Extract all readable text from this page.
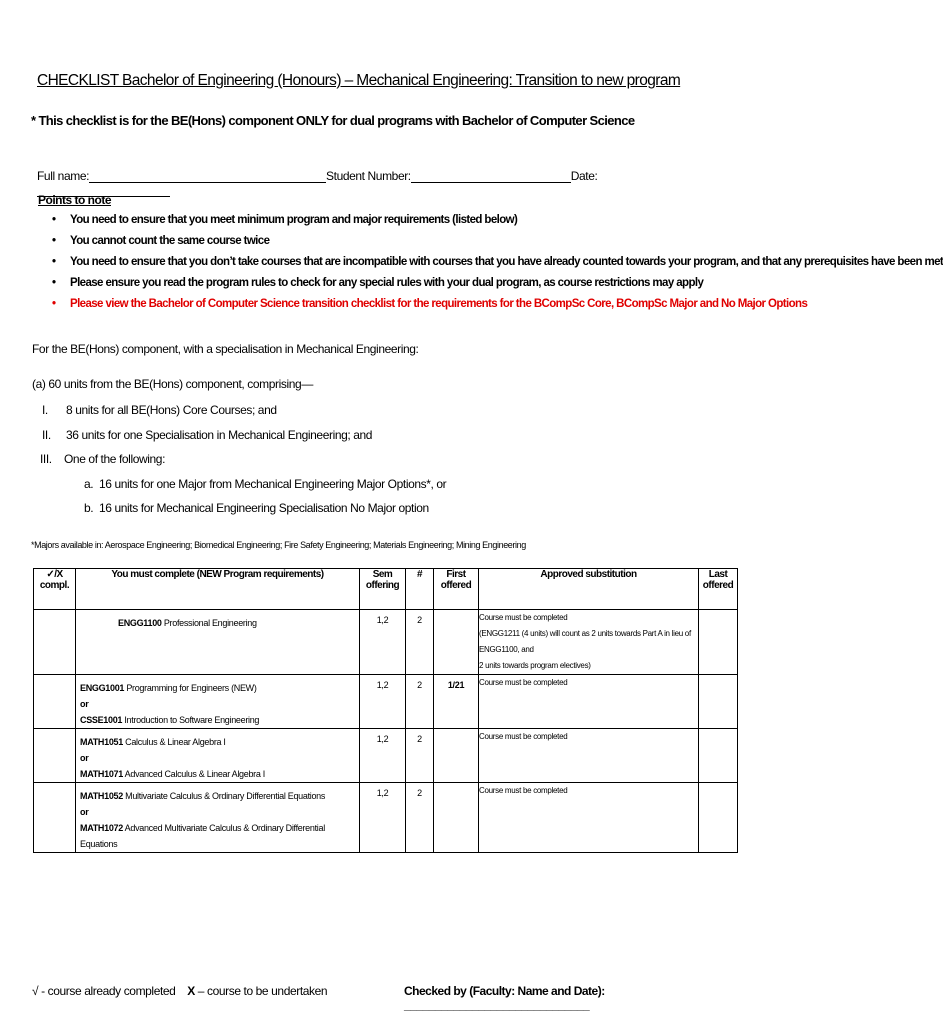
CHECKLIST Bachelor of Engineering (Honours) – Mechanical Engineering: Transition to new program
* This checklist is for the BE(Hons) component ONLY for dual programs with Bachelor of Computer Science
Full name:	Student Number:	Date:
Points to note
• You need to ensure that you meet minimum program and major requirements (listed below)
• You cannot count the same course twice
• You need to ensure that you don’t take courses that are incompatible with courses that you have already counted towards your program, and that any prerequisites have been met
• Please ensure you read the program rules to check for any special rules with your dual program, as course restrictions may apply
• Please view the Bachelor of Computer Science transition checklist for the requirements for the BCompSc Core, BCompSc Major and No Major Options
For the BE(Hons) component, with a specialisation in Mechanical Engineering:
(a) 60 units from the BE(Hons) component, comprising—
I. 8 units for all BE(Hons) Core Courses; and
II. 36 units for one Specialisation in Mechanical Engineering; and
III. One of the following:
a. 16 units for one Major from Mechanical Engineering Major Options*, or
b. 16 units for Mechanical Engineering Specialisation No Major option
*Majors available in: Aerospace Engineering; Biomedical Engineering; Fire Safety Engineering; Materials Engineering; Mining Engineering
✓/X compl.	You must complete (NEW Program requirements)	Sem offering	#	First offered	Approved substitution	Last offered

	ENGG1100 Professional Engineering	1,2	2		Course must be completed
(ENGG1211 (4 units) will count as 2 units towards Part A in lieu of ENGG1100, and
2 units towards program electives)	

	ENGG1001 Programming for Engineers (NEW)
or
CSSE1001 Introduction to Software Engineering	1,2	2	1/21	Course must be completed	

	MATH1051 Calculus & Linear Algebra I
or
MATH1071 Advanced Calculus & Linear Algebra I	1,2	2		Course must be completed	

	MATH1052 Multivariate Calculus & Ordinary Differential Equations
or
MATH1072 Advanced Multivariate Calculus & Ordinary Differential Equations	1,2	2		Course must be completed	

√ - course already completed X – course to be undertaken	Checked by (Faculty: Name and Date): ______________________________
